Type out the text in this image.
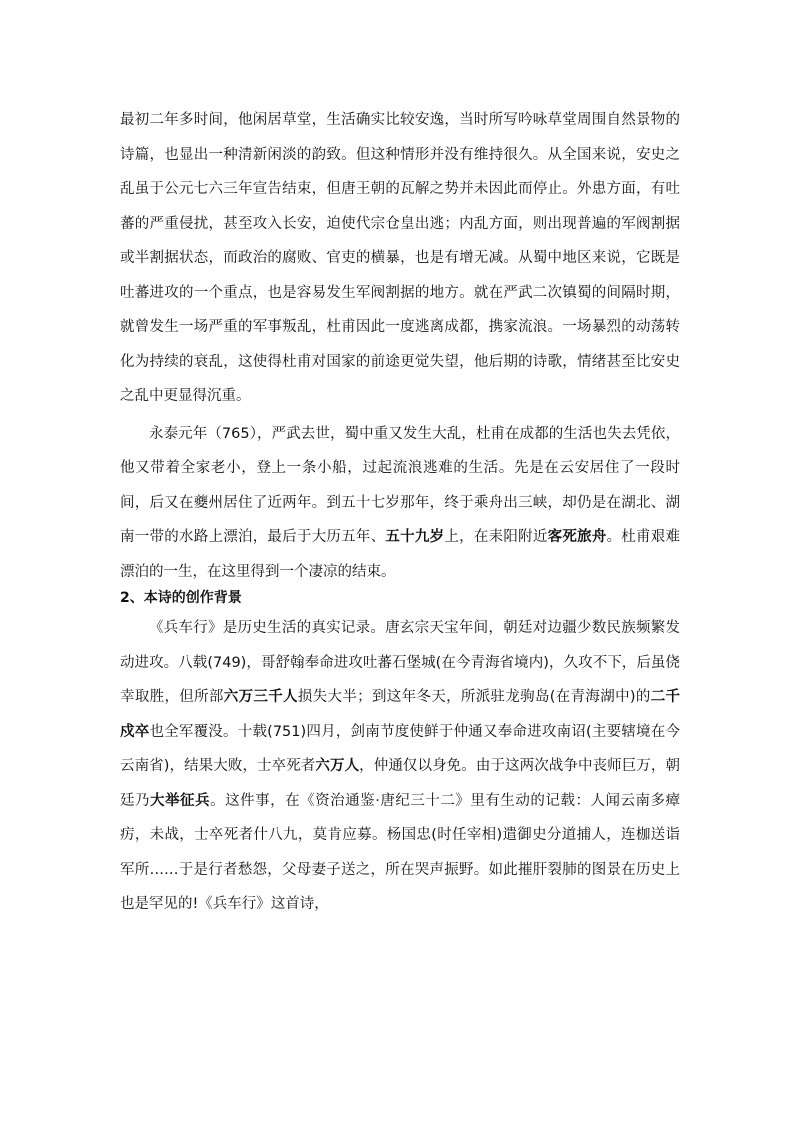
最初二年多时间，他闲居草堂，生活确实比较安逸，当时所写吟咏草堂周围自然景物的诗篇，也显出一种清新闲淡的韵致。但这种情形并没有维持很久。从全国来说，安史之乱虽于公元七六三年宣告结束，但唐王朝的瓦解之势并未因此而停止。外患方面，有吐蕃的严重侵扰，甚至攻入长安，迫使代宗仓皇出逃；内乱方面，则出现普遍的军阀割据或半割据状态，而政治的腐败、官吏的横暴，也是有增无减。从蜀中地区来说，它既是吐蕃进攻的一个重点，也是容易发生军阀割据的地方。就在严武二次镇蜀的间隔时期，就曾发生一场严重的军事叛乱，杜甫因此一度逃离成都，携家流浪。一场暴烈的动荡转化为持续的衰乱，这使得杜甫对国家的前途更觉失望，他后期的诗歌，情绪甚至比安史之乱中更显得沉重。

永泰元年（765），严武去世，蜀中重又发生大乱，杜甫在成都的生活也失去凭依，他又带着全家老小，登上一条小船，过起流浪逃难的生活。先是在云安居住了一段时间，后又在夔州居住了近两年。到五十七岁那年，终于乘舟出三峡，却仍是在湖北、湖南一带的水路上漂泊，最后于大历五年、五十九岁上，在耒阳附近客死旅舟。杜甫艰难漂泊的一生，在这里得到一个凄凉的结束。

2、本诗的创作背景

《兵车行》是历史生活的真实记录。唐玄宗天宝年间，朝廷对边疆少数民族频繁发动进攻。八载(749)，哥舒翰奉命进攻吐蕃石堡城(在今青海省境内)，久攻不下，后虽侥幸取胜，但所部六万三千人损失大半；到这年冬天，所派驻龙驹岛(在青海湖中)的二千戍卒也全军覆没。十载(751)四月，剑南节度使鲜于仲通又奉命进攻南诏(主要辖境在今云南省)，结果大败，士卒死者六万人，仲通仅以身免。由于这两次战争中丧师巨万，朝廷乃大举征兵。这件事，在《资治通鉴·唐纪三十二》里有生动的记载：人闻云南多瘴疠，未战，士卒死者什八九，莫肯应募。杨国忠(时任宰相)遣御史分道捕人，连枷送诣军所……于是行者愁怨，父母妻子送之，所在哭声振野。如此摧肝裂肺的图景在历史上也是罕见的!《兵车行》这首诗，
